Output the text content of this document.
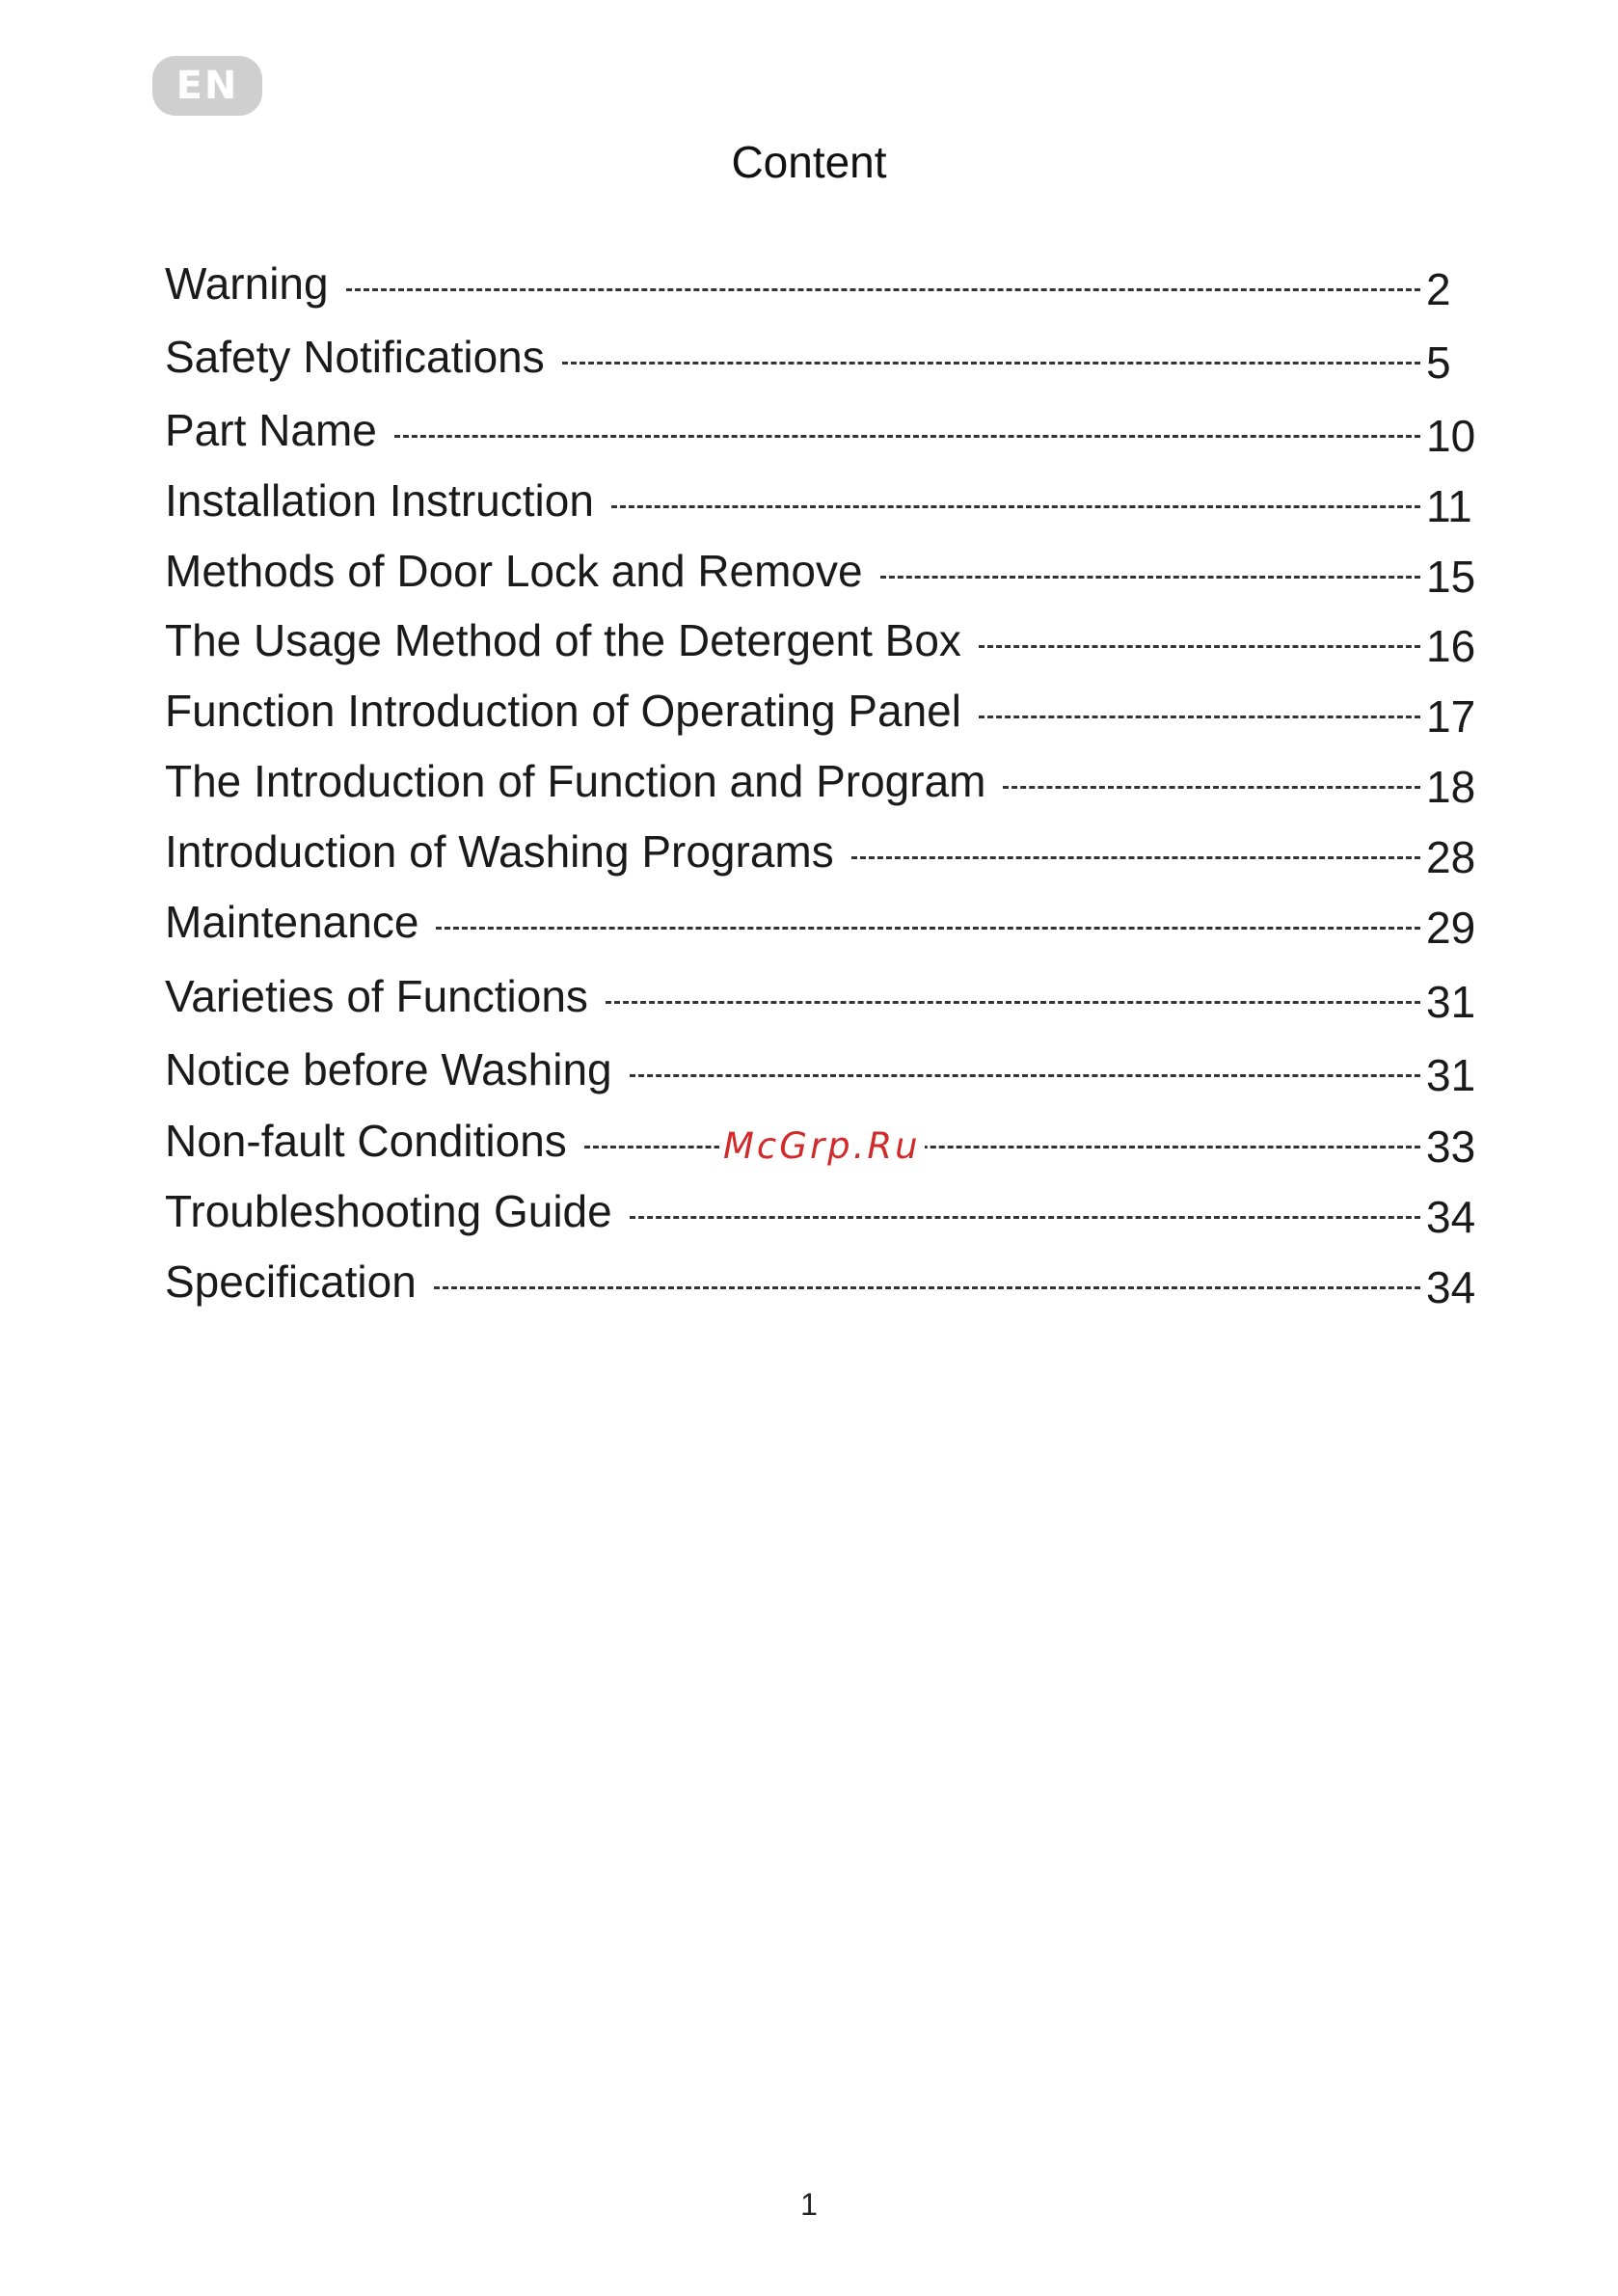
EN
Content
Warning	2
Safety Notifications	5
Part Name	10
Installation Instruction	11
Methods of Door Lock and Remove	15
The Usage Method of the Detergent Box	16
Function Introduction of Operating Panel	17
The Introduction of Function and Program	18
Introduction of Washing Programs	28
Maintenance	29
Varieties of Functions	31
Notice before Washing	31
Non-fault Conditions	33
Troubleshooting Guide	34
Specification	34
McGrp.Ru
1
